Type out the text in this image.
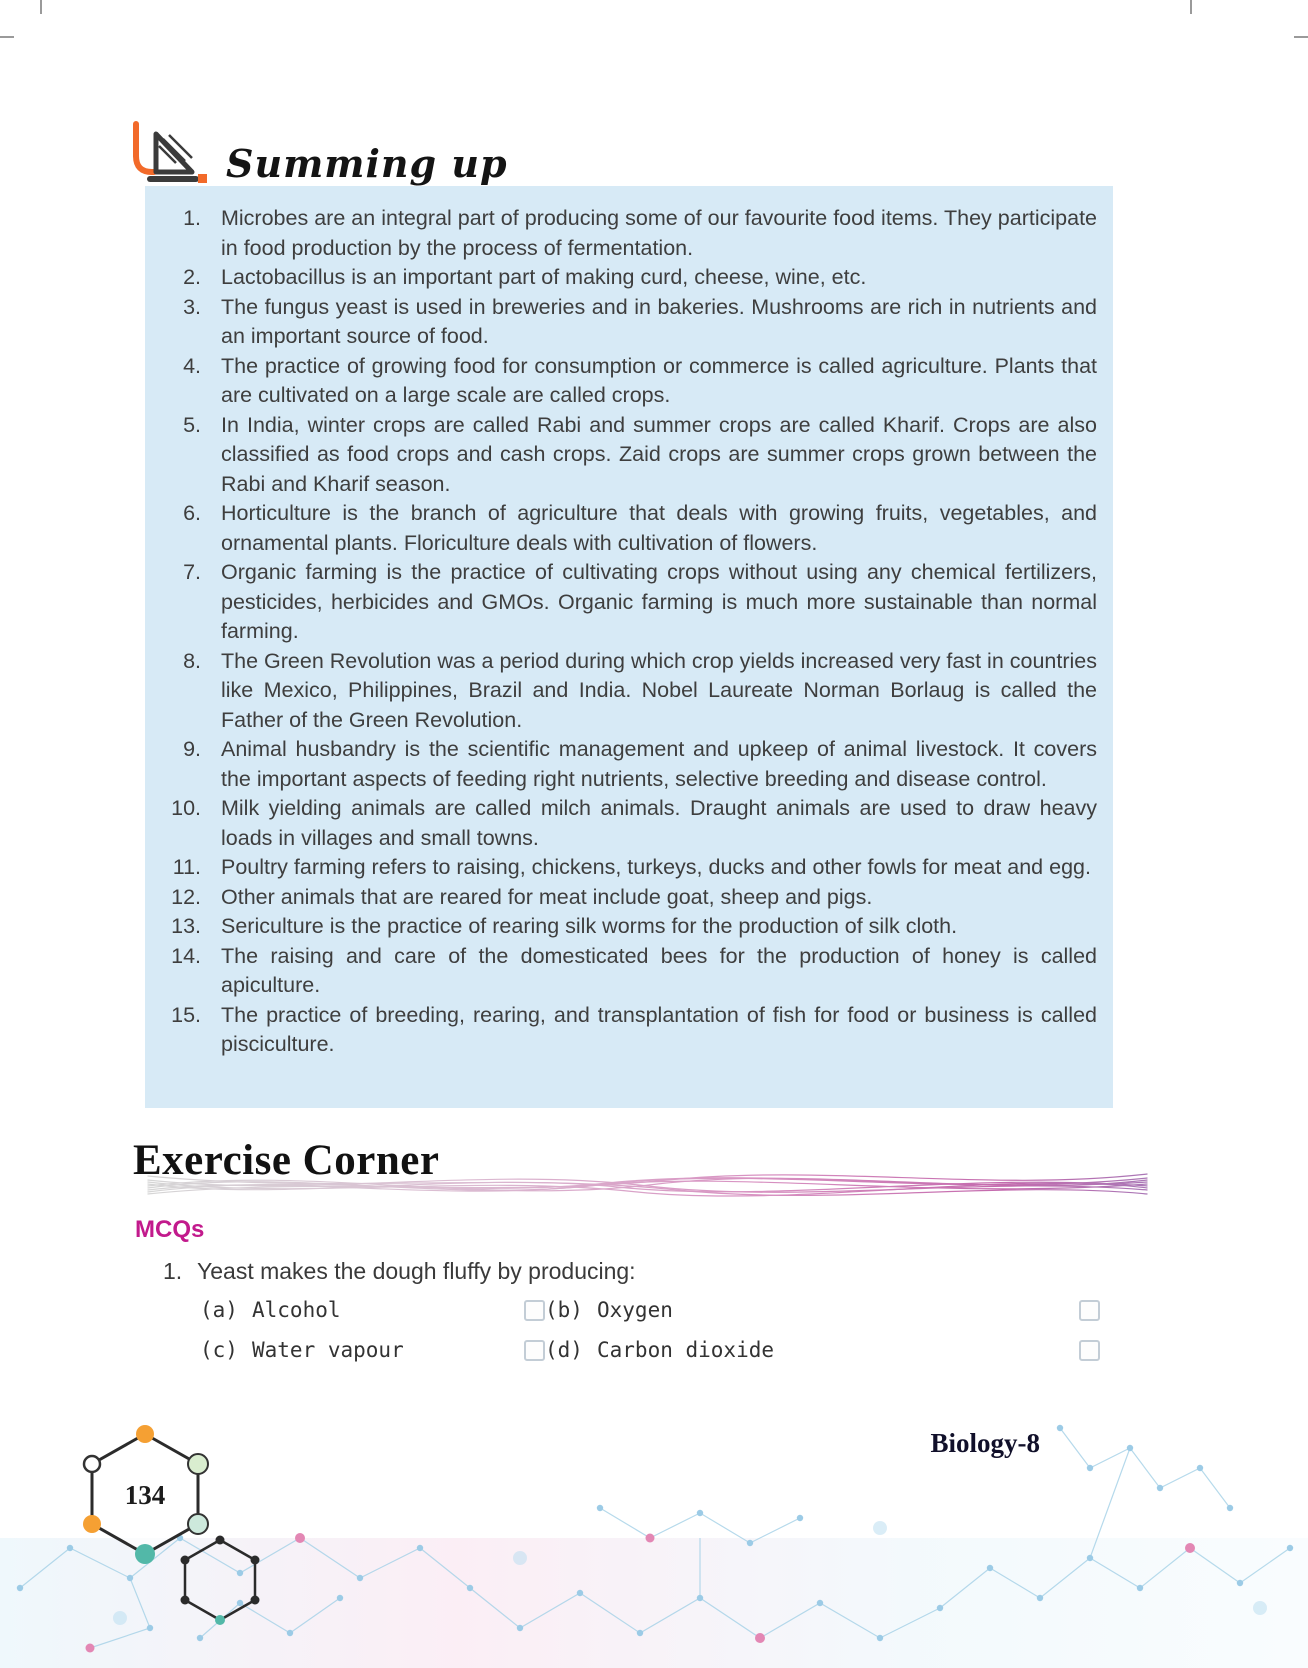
Summing up
1. Microbes are an integral part of producing some of our favourite food items. They participate in food production by the process of fermentation.
2. Lactobacillus is an important part of making curd, cheese, wine, etc.
3. The fungus yeast is used in breweries and in bakeries. Mushrooms are rich in nutrients and an important source of food.
4. The practice of growing food for consumption or commerce is called agriculture. Plants that are cultivated on a large scale are called crops.
5. In India, winter crops are called Rabi and summer crops are called Kharif. Crops are also classified as food crops and cash crops. Zaid crops are summer crops grown between the Rabi and Kharif season.
6. Horticulture is the branch of agriculture that deals with growing fruits, vegetables, and ornamental plants. Floriculture deals with cultivation of flowers.
7. Organic farming is the practice of cultivating crops without using any chemical fertilizers, pesticides, herbicides and GMOs. Organic farming is much more sustainable than normal farming.
8. The Green Revolution was a period during which crop yields increased very fast in countries like Mexico, Philippines, Brazil and India. Nobel Laureate Norman Borlaug is called the Father of the Green Revolution.
9. Animal husbandry is the scientific management and upkeep of animal livestock. It covers the important aspects of feeding right nutrients, selective breeding and disease control.
10. Milk yielding animals are called milch animals. Draught animals are used to draw heavy loads in villages and small towns.
11. Poultry farming refers to raising, chickens, turkeys, ducks and other fowls for meat and egg.
12. Other animals that are reared for meat include goat, sheep and pigs.
13. Sericulture is the practice of rearing silk worms for the production of silk cloth.
14. The raising and care of the domesticated bees for the production of honey is called apiculture.
15. The practice of breeding, rearing, and transplantation of fish for food or business is called pisciculture.
Exercise Corner
MCQs
1. Yeast makes the dough fluffy by producing:
(a) Alcohol	(b) Oxygen
(c) Water vapour	(d) Carbon dioxide
134
Biology-8
